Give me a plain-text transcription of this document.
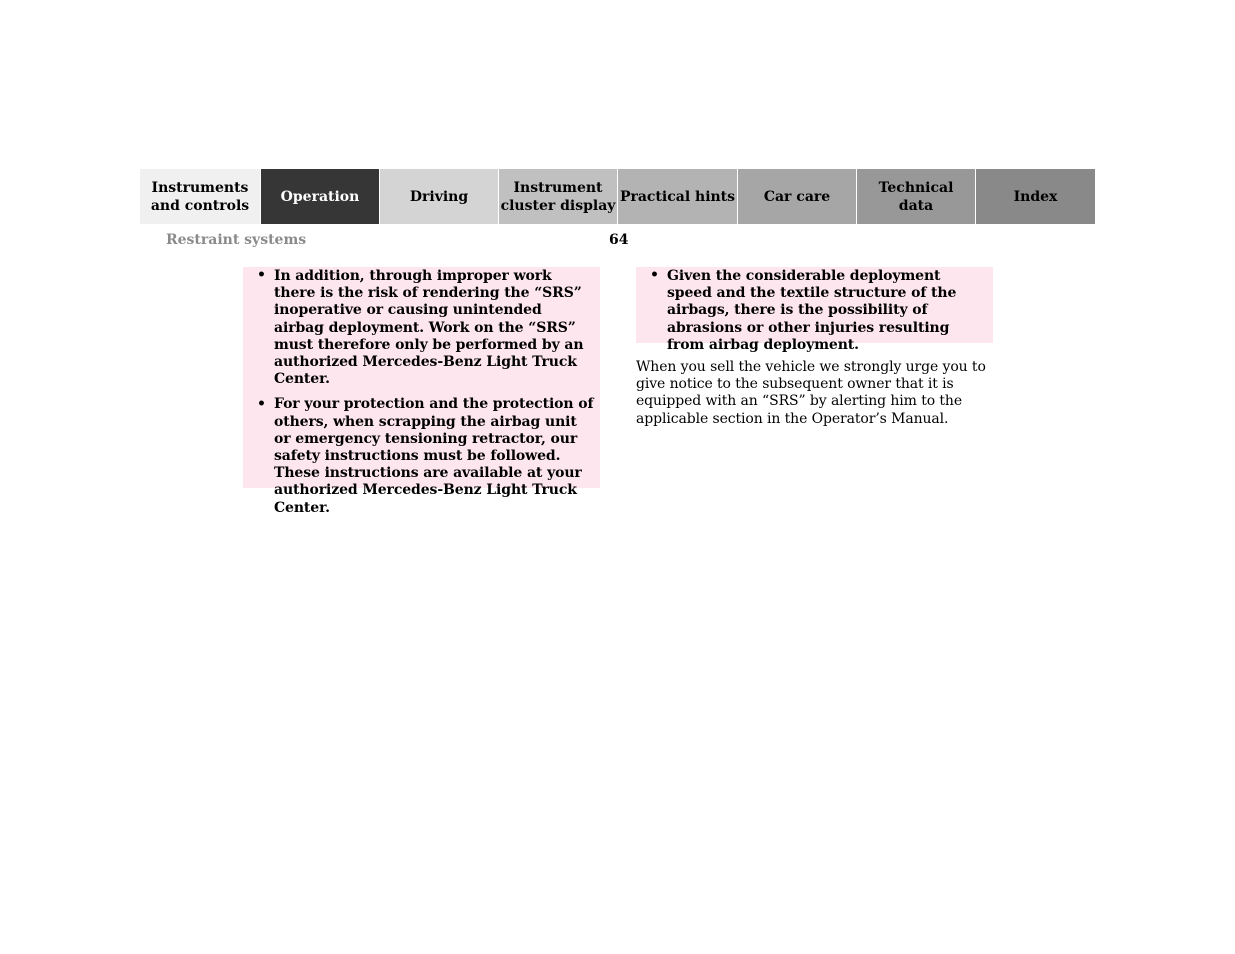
Instruments
and controls
Operation	Driving
Instrument
cluster display
Practical hints	Car care
Technical
data
Index
Restraint systems	64
• In addition, through improper work there is the risk of rendering the “SRS” inoperative or causing unintended airbag deployment. Work on the “SRS” must therefore only be performed by an authorized Mercedes-Benz Light Truck Center.
• For your protection and the protection of others, when scrapping the airbag unit or emergency tensioning retractor, our safety instructions must be followed. These instructions are available at your authorized Mercedes-Benz Light Truck Center.
• Given the considerable deployment speed and the textile structure of the airbags, there is the possibility of abrasions or other injuries resulting from airbag deployment.
When you sell the vehicle we strongly urge you to give notice to the subsequent owner that it is equipped with an “SRS” by alerting him to the applicable section in the Operator’s Manual.
